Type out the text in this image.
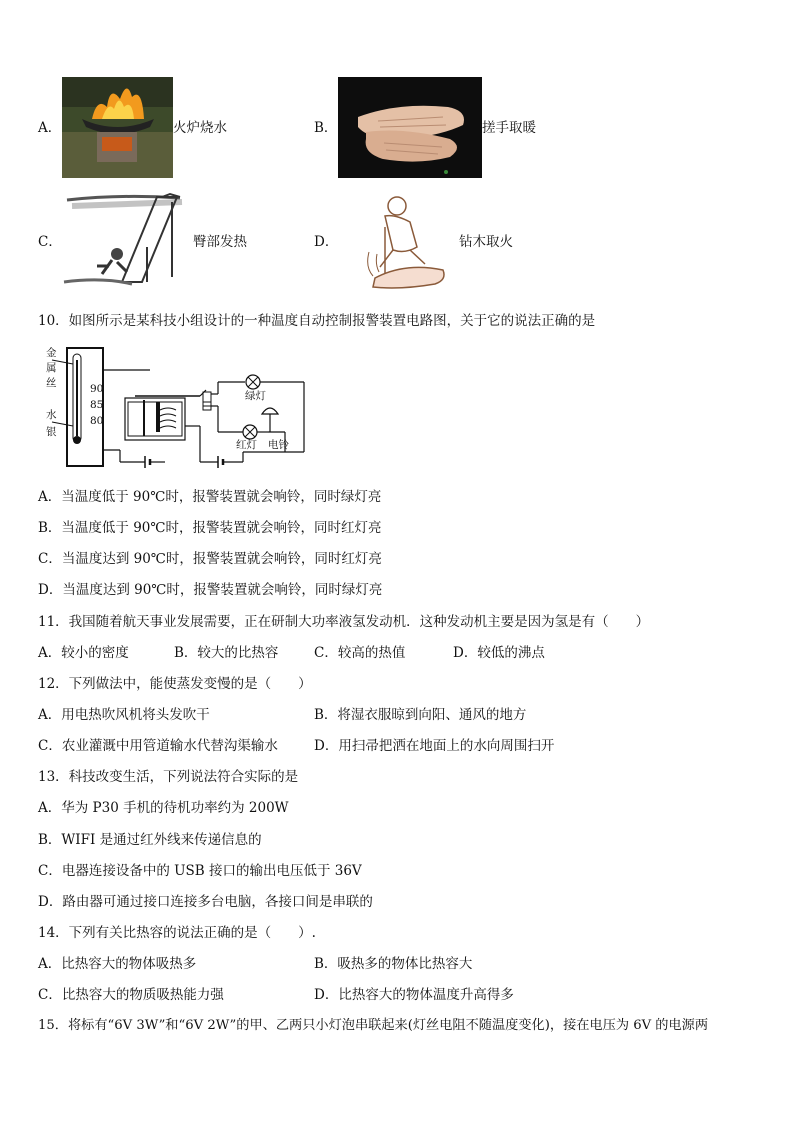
A．	火炉烧水	B．	搓手取暖
C．	臀部发热	D．	钻木取火
10．如图所示是某科技小组设计的一种温度自动控制报警装置电路图，关于它的说法正确的是
金
属
丝
水
银
90
85
80
绿灯
红灯 电铃
A．当温度低于 90℃时，报警装置就会响铃，同时绿灯亮
B．当温度低于 90℃时，报警装置就会响铃，同时红灯亮
C．当温度达到 90℃时，报警装置就会响铃，同时红灯亮
D．当温度达到 90℃时，报警装置就会响铃，同时绿灯亮
11．我国随着航天事业发展需要，正在研制大功率液氢发动机．这种发动机主要是因为氢是有（　　）
A．较小的密度	B．较大的比热容	C．较高的热值	D．较低的沸点
12．下列做法中，能使蒸发变慢的是（　　）
A．用电热吹风机将头发吹干	B．将湿衣服晾到向阳、通风的地方
C．农业灌溉中用管道输水代替沟渠输水	D．用扫帚把洒在地面上的水向周围扫开
13．科技改变生活，下列说法符合实际的是
A．华为 P30 手机的待机功率约为 200W
B．WIFI 是通过红外线来传递信息的
C．电器连接设备中的 USB 接口的输出电压低于 36V
D．路由器可通过接口连接多台电脑，各接口间是串联的
14．下列有关比热容的说法正确的是（　　）.
A．比热容大的物体吸热多	B．吸热多的物体比热容大
C．比热容大的物质吸热能力强	D．比热容大的物体温度升高得多
15．将标有“6V 3W”和“6V 2W”的甲、乙两只小灯泡串联起来(灯丝电阻不随温度变化)，接在电压为 6V 的电源两
